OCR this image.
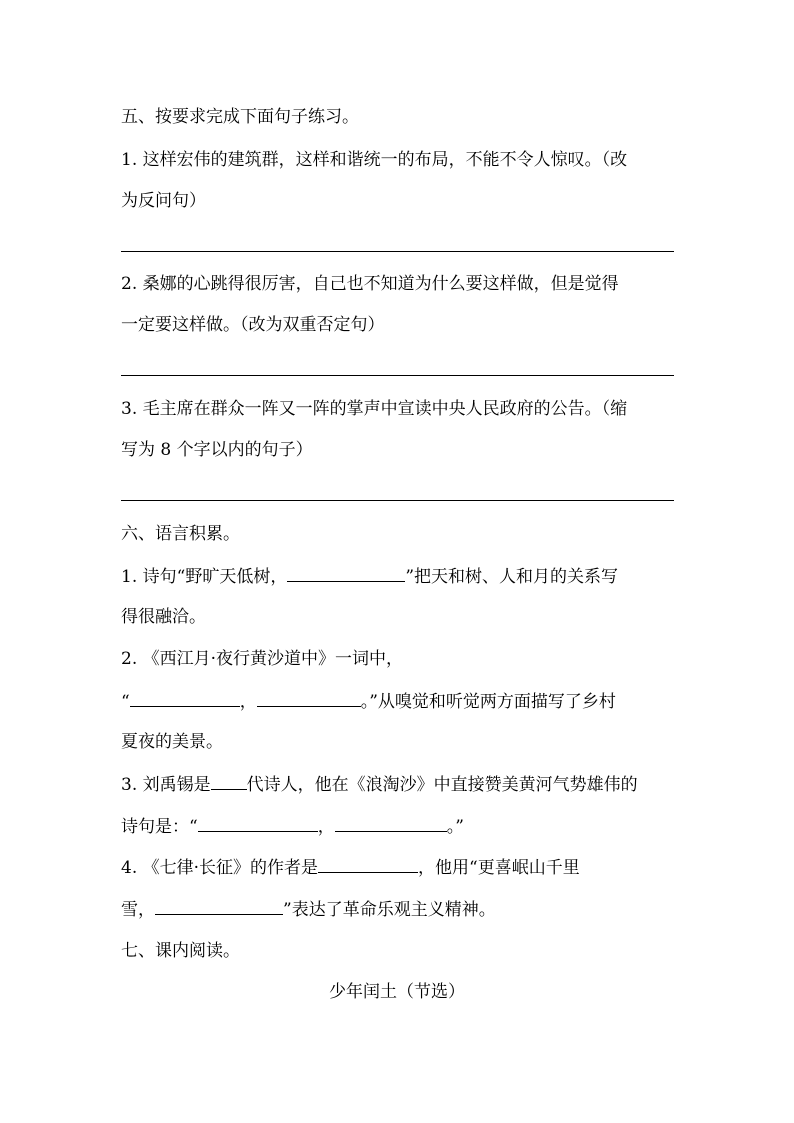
五、按要求完成下面句子练习。
1. 这样宏伟的建筑群，这样和谐统一的布局，不能不令人惊叹。（改
为反问句）
2. 桑娜的心跳得很厉害，自己也不知道为什么要这样做，但是觉得
一定要这样做。（改为双重否定句）
3. 毛主席在群众一阵又一阵的掌声中宣读中央人民政府的公告。（缩
写为 8 个字以内的句子）
六、语言积累。
1. 诗句“野旷天低树，	”把天和树、人和月的关系写
得很融洽。
2. 《西江月·夜行黄沙道中》一词中，
“	，	。”从嗅觉和听觉两方面描写了乡村
夏夜的美景。
3. 刘禹锡是 代诗人，他在《浪淘沙》中直接赞美黄河气势雄伟的
诗句是：“	，	。”
4. 《七律·长征》的作者是	，他用“更喜岷山千里
雪，	”表达了革命乐观主义精神。
七、课内阅读。
少年闰土（节选）
